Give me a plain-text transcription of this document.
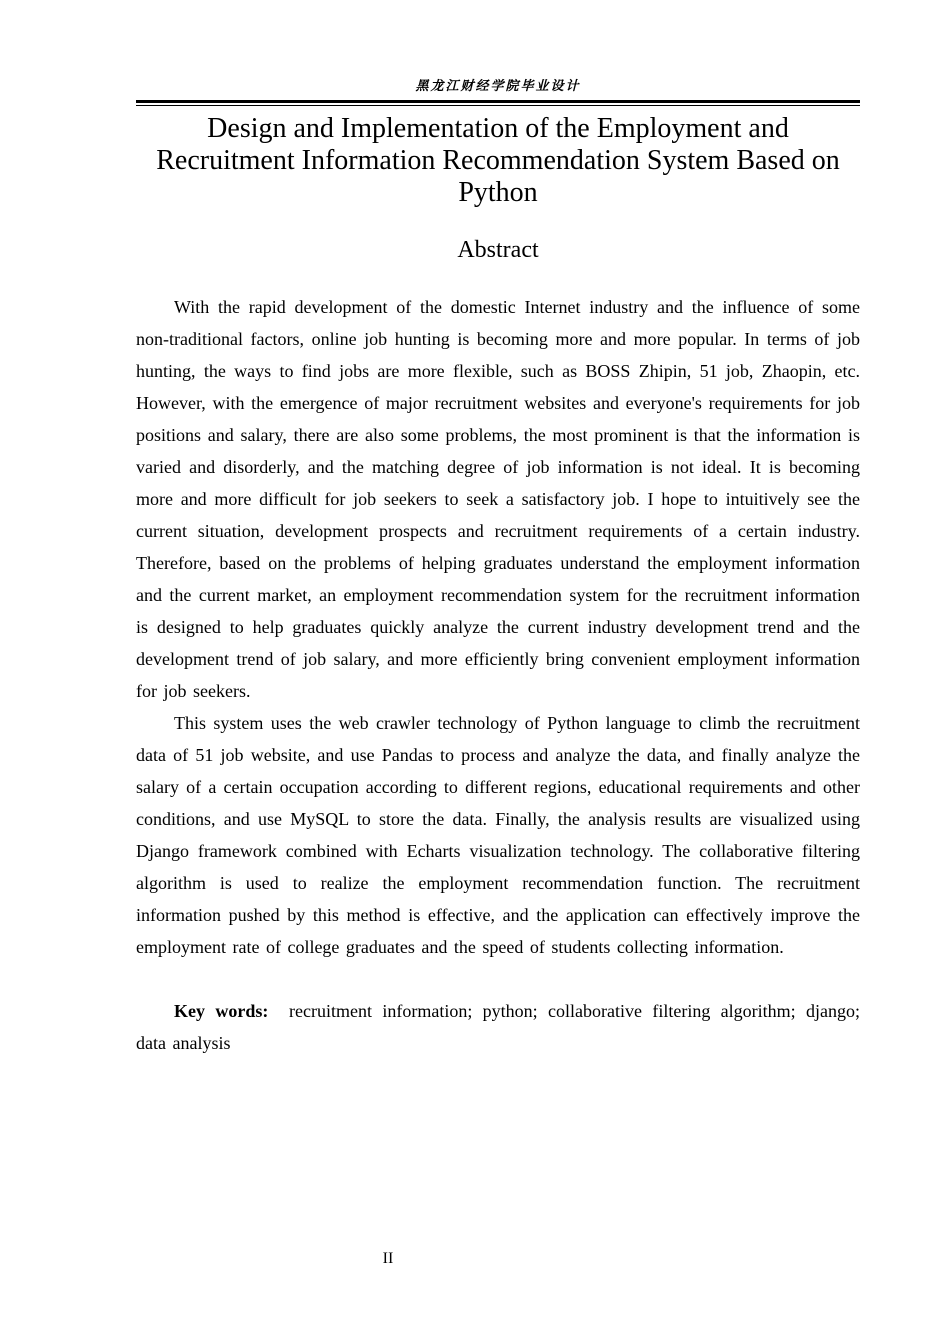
黑龙江财经学院毕业设计
Design and Implementation of the Employment and Recruitment Information Recommendation System Based on Python
Abstract

With the rapid development of the domestic Internet industry and the influence of some non-traditional factors, online job hunting is becoming more and more popular. In terms of job hunting, the ways to find jobs are more flexible, such as BOSS Zhipin, 51 job, Zhaopin, etc. However, with the emergence of major recruitment websites and everyone's requirements for job positions and salary, there are also some problems, the most prominent is that the information is varied and disorderly, and the matching degree of job information is not ideal. It is becoming more and more difficult for job seekers to seek a satisfactory job. I hope to intuitively see the current situation, development prospects and recruitment requirements of a certain industry. Therefore, based on the problems of helping graduates understand the employment information and the current market, an employment recommendation system for the recruitment information is designed to help graduates quickly analyze the current industry development trend and the development trend of job salary, and more efficiently bring convenient employment information for job seekers.

This system uses the web crawler technology of Python language to climb the recruitment data of 51 job website, and use Pandas to process and analyze the data, and finally analyze the salary of a certain occupation according to different regions, educational requirements and other conditions, and use MySQL to store the data. Finally, the analysis results are visualized using Django framework combined with Echarts visualization technology. The collaborative filtering algorithm is used to realize the employment recommendation function. The recruitment information pushed by this method is effective, and the application can effectively improve the employment rate of college graduates and the speed of students collecting information.

Key words: recruitment information; python; collaborative filtering algorithm; django; data analysis

II
